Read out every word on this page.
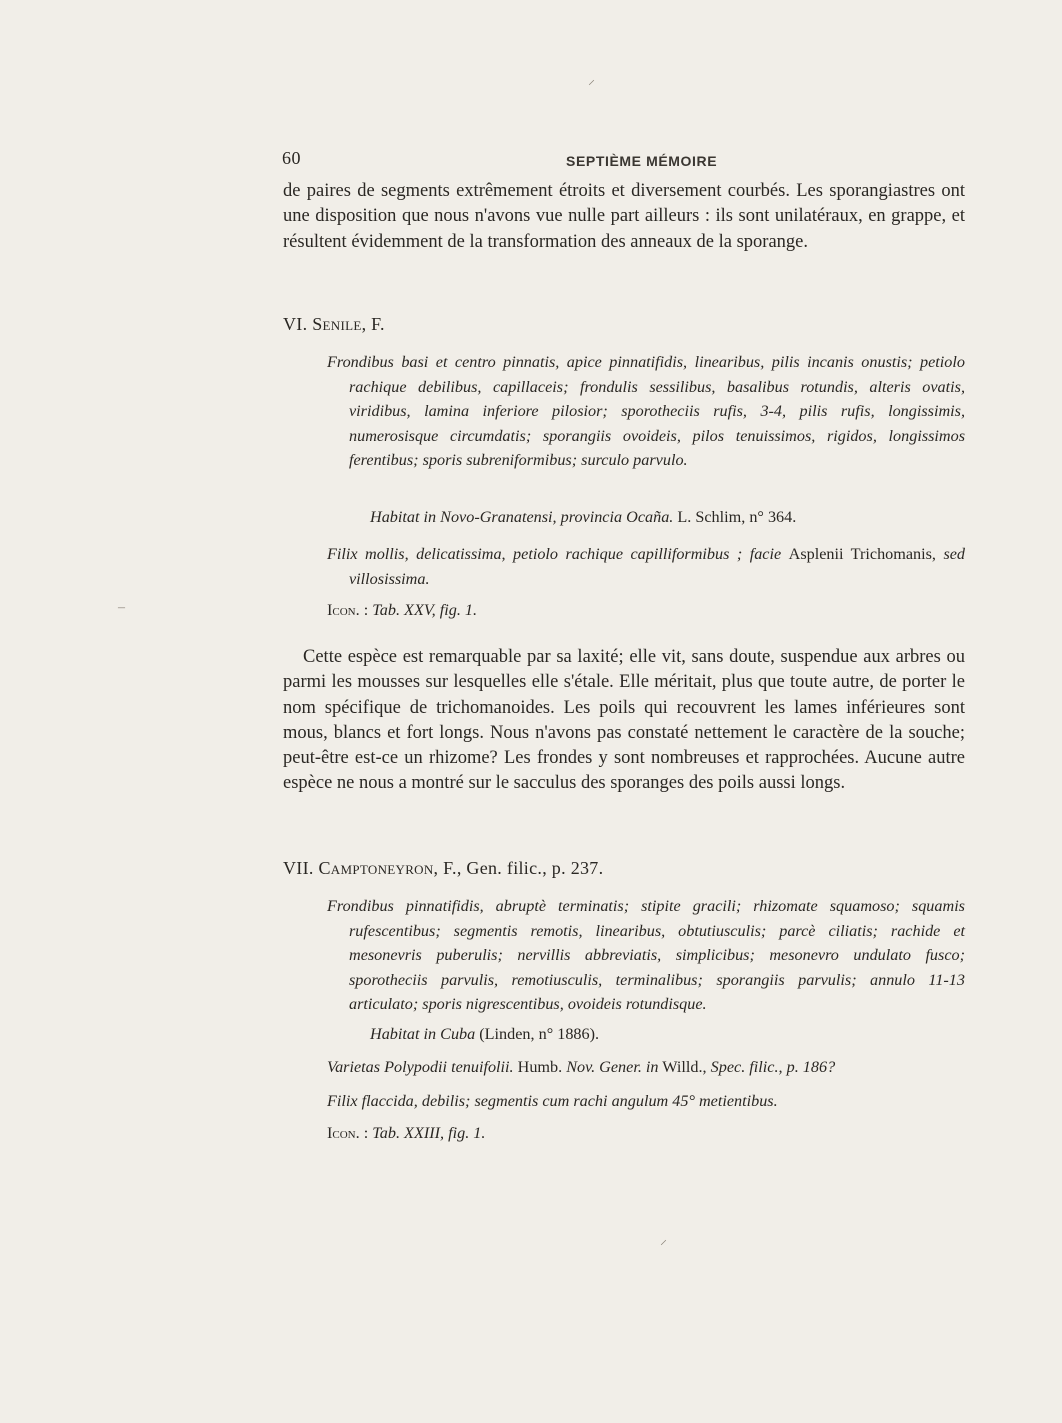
60	SEPTIÈME MÉMOIRE

de paires de segments extrêmement étroits et diversement courbés. Les sporangiastres ont une disposition que nous n'avons vue nulle part ailleurs : ils sont unilatéraux, en grappe, et résultent évidemment de la transformation des anneaux de la sporange.

VI. Senile, F.

Frondibus basi et centro pinnatis, apice pinnatifidis, linearibus, pilis incanis onustis; petiolo rachique debilibus, capillaceis; frondulis sessilibus, basalibus rotundis, alteris ovatis, viridibus, lamina inferiore pilosior; sporotheciis rufis, 3-4, pilis rufis, longissimis, numerosisque circumdatis; sporangiis ovoideis, pilos tenuissimos, rigidos, longissimos ferentibus; sporis subreniformibus; surculo parvulo.

Habitat in Novo-Granatensi, provincia Ocaña. L. Schlim, n° 364.

Filix mollis, delicatissima, petiolo rachique capilliformibus ; facie Asplenii Trichomanis, sed villosissima.

Icon. : Tab. XXV, fig. 1.

Cette espèce est remarquable par sa laxité; elle vit, sans doute, suspendue aux arbres ou parmi les mousses sur lesquelles elle s'étale. Elle méritait, plus que toute autre, de porter le nom spécifique de trichomanoides. Les poils qui recouvrent les lames inférieures sont mous, blancs et fort longs. Nous n'avons pas constaté nettement le caractère de la souche; peut-être est-ce un rhizome? Les frondes y sont nombreuses et rapprochées. Aucune autre espèce ne nous a montré sur le sacculus des sporanges des poils aussi longs.

VII. Camptoneyron, F., Gen. filic., p. 237.

Frondibus pinnatifidis, abruptè terminatis; stipite gracili; rhizomate squamoso; squamis rufescentibus; segmentis remotis, linearibus, obtutiusculis; parcè ciliatis; rachide et mesonevris puberulis; nervillis abbreviatis, simplicibus; mesonevro undulato fusco; sporotheciis parvulis, remotiusculis, terminalibus; sporangiis parvulis; annulo 11-13 articulato; sporis nigrescentibus, ovoideis rotundisque.

Habitat in Cuba (Linden, n° 1886).
Varietas Polypodii tenuifolii. Humb. Nov. Gener. in Willd., Spec. filic., p. 186?
Filix flaccida, debilis; segmentis cum rachi angulum 45° metientibus.
Icon. : Tab. XXIII, fig. 1.
⸝
–
⸝
